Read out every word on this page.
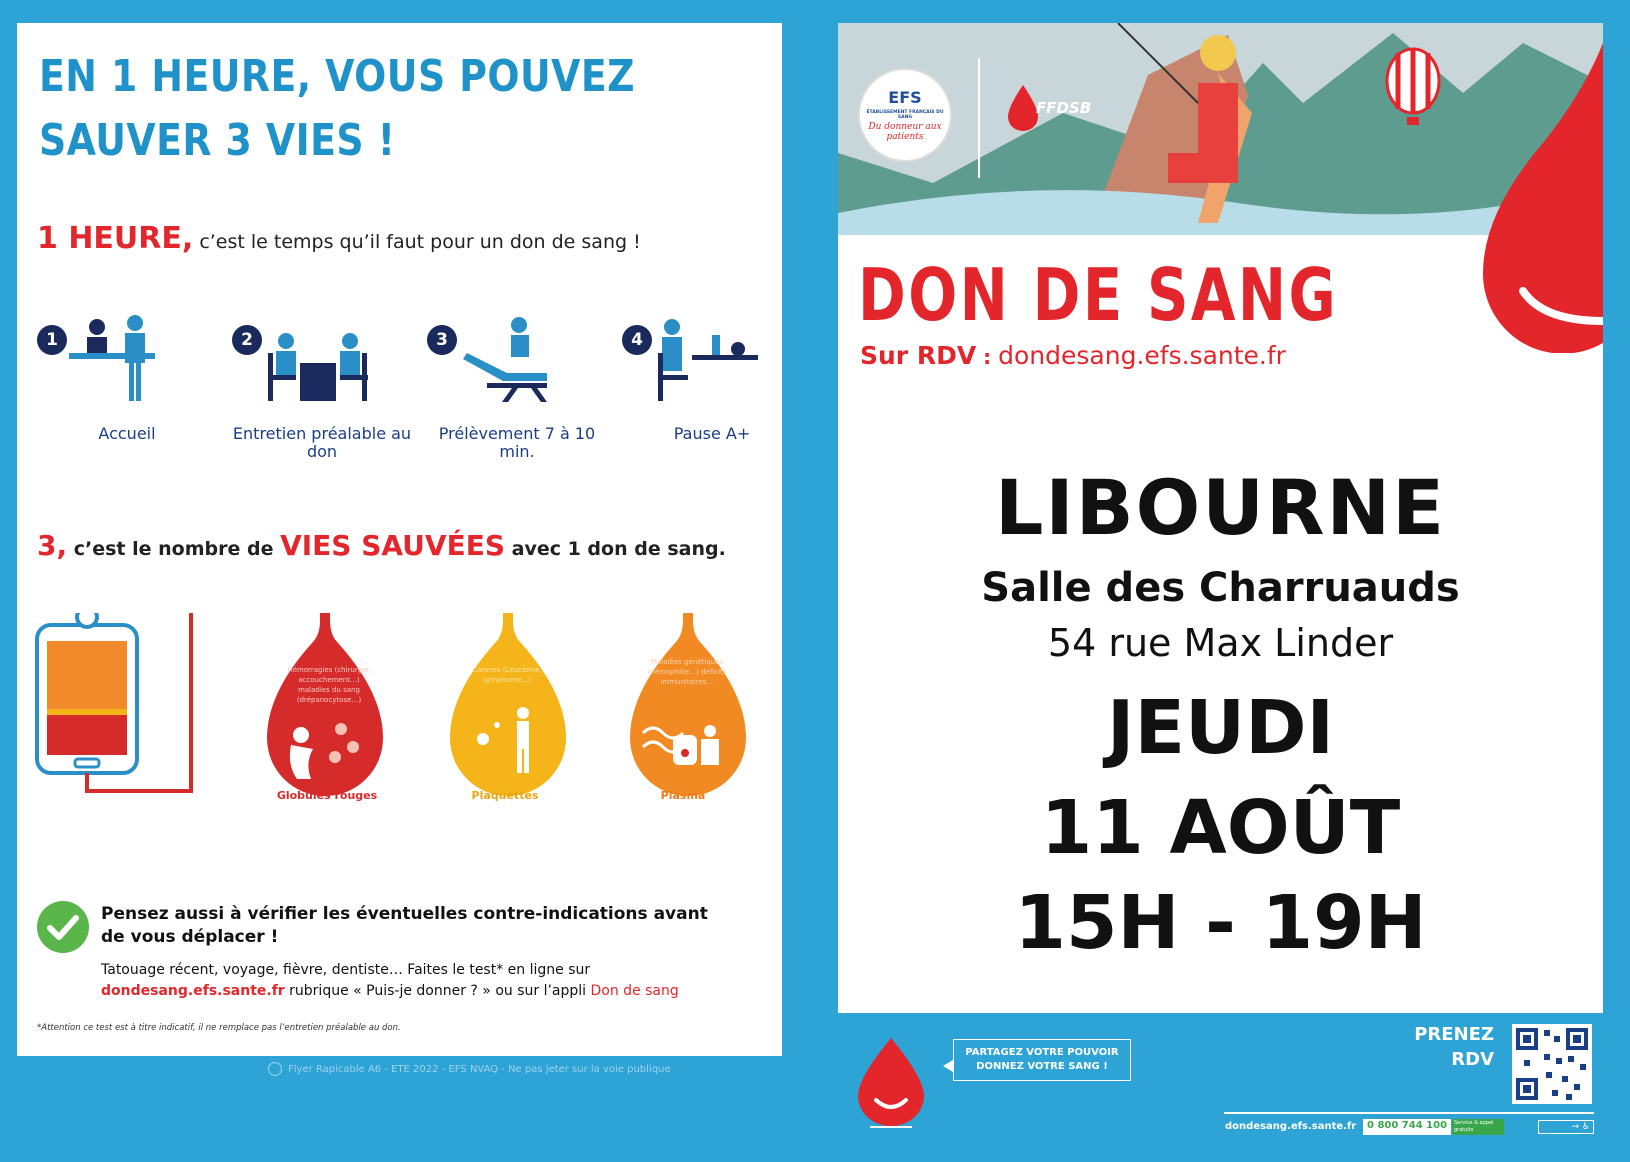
EN 1 HEURE, VOUS POUVEZ
SAUVER 3 VIES !
1 HEURE, c’est le temps qu’il faut pour un don de sang !
1
Accueil
2
Entretien préalable au don
3
Prélèvement 7 à 10 min.
4
Pause A+
3, c’est le nombre de VIES SAUVÉES avec 1 don de sang.
Globules rouges	Plaquettes	Plasma
Hémorragies (chirurgie, accouchement…) maladies du sang (drépanocytose…)
Cancers (Leucémie, Lymphome…)
Maladies génétiques (hémophilie…) déficits immunitaires…
Pensez aussi à vérifier les éventuelles contre-indications avant de vous déplacer !
Tatouage récent, voyage, fièvre, dentiste… Faites le test* en ligne sur dondesang.efs.sante.fr rubrique « Puis-je donner ? » ou sur l’appli Don de sang
*Attention ce test est à titre indicatif, il ne remplace pas l’entretien préalable au don.
Flyer Rapicable A6 - ETE 2022 - EFS NVAQ - Ne pas jeter sur la voie publique
EFS
ÉTABLISSEMENT FRANÇAIS DU SANG
Du donneur aux patients
FFDSB
DON DE SANG
Sur RDV : dondesang.efs.sante.fr
LIBOURNE
Salle des Charruauds
54 rue Max Linder
JEUDI
11 AOÛT
15H - 19H
PARTAGEZ VOTRE POUVOIR
DONNEZ VOTRE SANG !
PRENEZ
RDV
dondesang.efs.sante.fr	0 800 744 100	Service & appel gratuits	→ ♿
